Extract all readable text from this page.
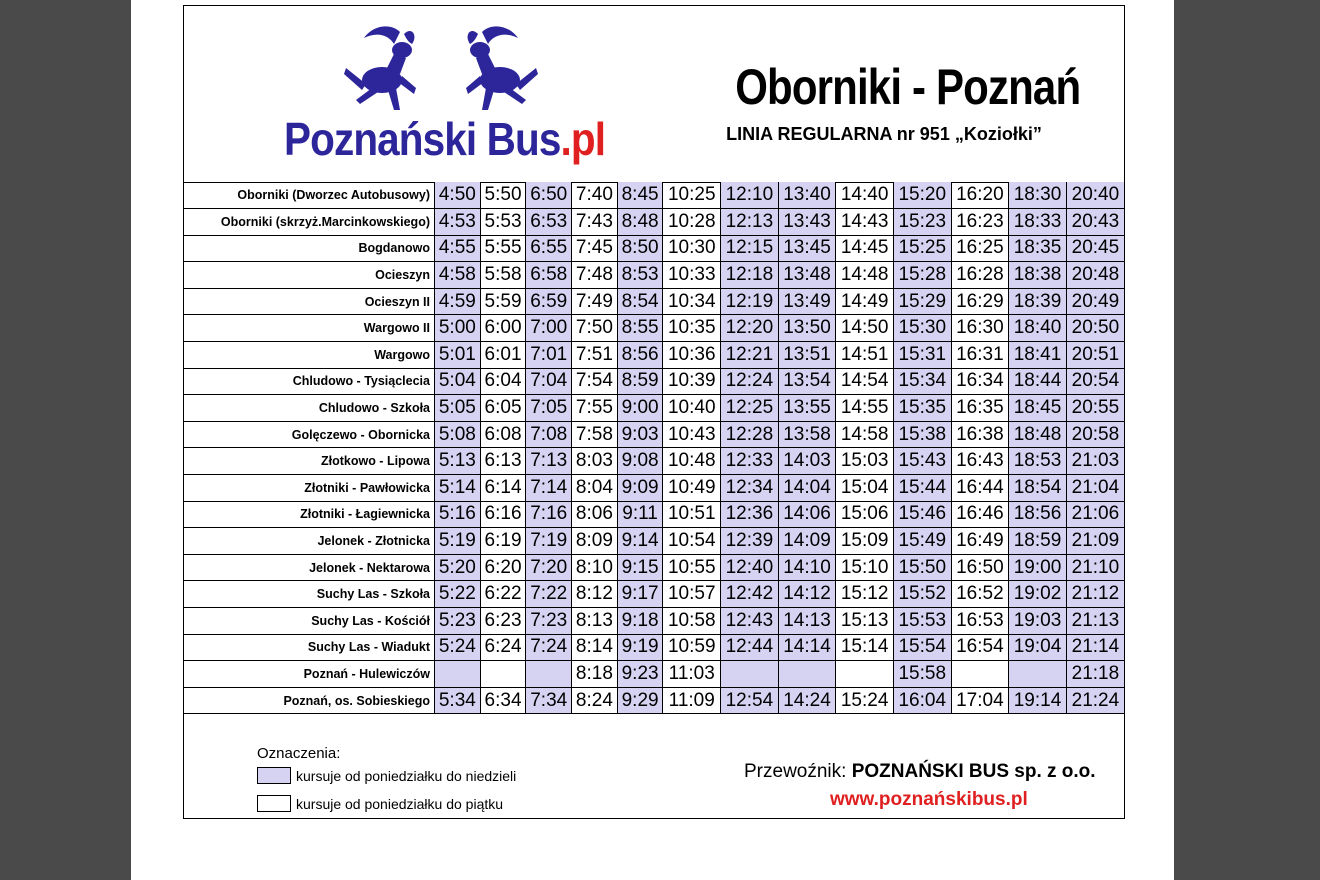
Poznański Bus.pl
Oborniki - Poznań
LINIA REGULARNA nr 951 „Koziołki”
Oborniki (Dworzec Autobusowy)	4:50	5:50	6:50	7:40	8:45	10:25	12:10	13:40	14:40	15:20	16:20	18:30	20:40
Oborniki (skrzyż.Marcinkowskiego)	4:53	5:53	6:53	7:43	8:48	10:28	12:13	13:43	14:43	15:23	16:23	18:33	20:43
Bogdanowo	4:55	5:55	6:55	7:45	8:50	10:30	12:15	13:45	14:45	15:25	16:25	18:35	20:45
Ocieszyn	4:58	5:58	6:58	7:48	8:53	10:33	12:18	13:48	14:48	15:28	16:28	18:38	20:48
Ocieszyn II	4:59	5:59	6:59	7:49	8:54	10:34	12:19	13:49	14:49	15:29	16:29	18:39	20:49
Wargowo II	5:00	6:00	7:00	7:50	8:55	10:35	12:20	13:50	14:50	15:30	16:30	18:40	20:50
Wargowo	5:01	6:01	7:01	7:51	8:56	10:36	12:21	13:51	14:51	15:31	16:31	18:41	20:51
Chludowo - Tysiąclecia	5:04	6:04	7:04	7:54	8:59	10:39	12:24	13:54	14:54	15:34	16:34	18:44	20:54
Chludowo - Szkoła	5:05	6:05	7:05	7:55	9:00	10:40	12:25	13:55	14:55	15:35	16:35	18:45	20:55
Golęczewo - Obornicka	5:08	6:08	7:08	7:58	9:03	10:43	12:28	13:58	14:58	15:38	16:38	18:48	20:58
Złotkowo - Lipowa	5:13	6:13	7:13	8:03	9:08	10:48	12:33	14:03	15:03	15:43	16:43	18:53	21:03
Złotniki - Pawłowicka	5:14	6:14	7:14	8:04	9:09	10:49	12:34	14:04	15:04	15:44	16:44	18:54	21:04
Złotniki - Łagiewnicka	5:16	6:16	7:16	8:06	9:11	10:51	12:36	14:06	15:06	15:46	16:46	18:56	21:06
Jelonek - Złotnicka	5:19	6:19	7:19	8:09	9:14	10:54	12:39	14:09	15:09	15:49	16:49	18:59	21:09
Jelonek - Nektarowa	5:20	6:20	7:20	8:10	9:15	10:55	12:40	14:10	15:10	15:50	16:50	19:00	21:10
Suchy Las - Szkoła	5:22	6:22	7:22	8:12	9:17	10:57	12:42	14:12	15:12	15:52	16:52	19:02	21:12
Suchy Las - Kościół	5:23	6:23	7:23	8:13	9:18	10:58	12:43	14:13	15:13	15:53	16:53	19:03	21:13
Suchy Las - Wiadukt	5:24	6:24	7:24	8:14	9:19	10:59	12:44	14:14	15:14	15:54	16:54	19:04	21:14
Poznań - Hulewiczów				8:18	9:23	11:03				15:58			21:18
Poznań, os. Sobieskiego	5:34	6:34	7:34	8:24	9:29	11:09	12:54	14:24	15:24	16:04	17:04	19:14	21:24
Oznaczenia:
kursuje od poniedziałku do niedzieli
kursuje od poniedziałku do piątku
Przewoźnik: POZNAŃSKI BUS sp. z o.o.
www.poznańskibus.pl
